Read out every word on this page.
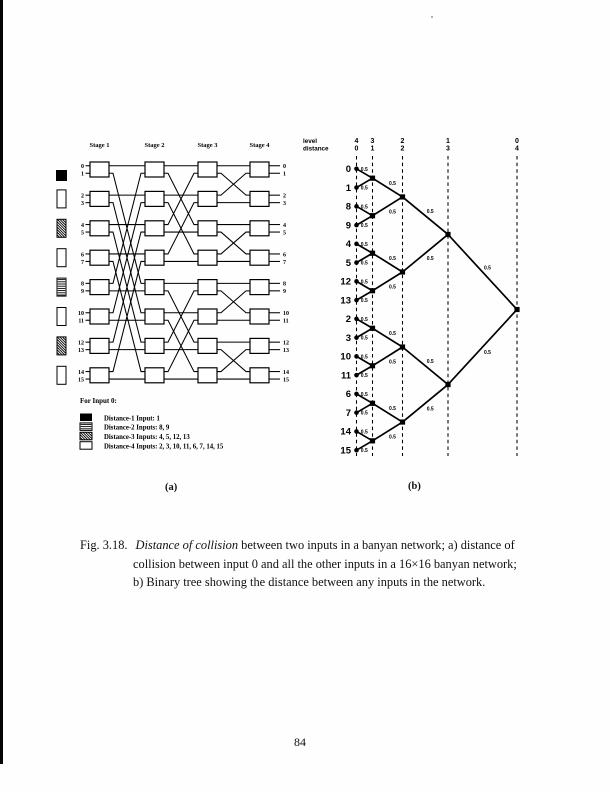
Stage 1	Stage 2	Stage 3	Stage 4
0
1
2
3
4
5
6
7
8
9
10
11
12
13
14
15
0
1
2
3
4
5
6
7
8
9
10
11
12
13
14
15
For Input 0:
Distance-1 Input: 1
Distance-2 Inputs: 8, 9
Distance-3 Inputs: 4, 5, 12, 13
Distance-4 Inputs: 2, 3, 10, 11, 6, 7, 14, 15
level
distance
4
0
3
1
2
2
1
3
0
4
0
1
8
9
4
5
12
13
2
3
10
11
6
7
14
15
0.5
0.5
0.5
0.5
0.5
0.5
0.5
0.5
0.5
0.5
0.5
0.5
0.5
0.5
0.5
0.5
0.5
0.5
0.5
0.5
0.5
0.5
0.5
0.5
0.5
0.5
0.5
0.5
0.5
0.5
(a)	(b)
Fig. 3.18. Distance of collision between two inputs in a banyan network; a) distance of
collision between input 0 and all the other inputs in a 16×16 banyan network;
b) Binary tree showing the distance between any inputs in the network.
84
